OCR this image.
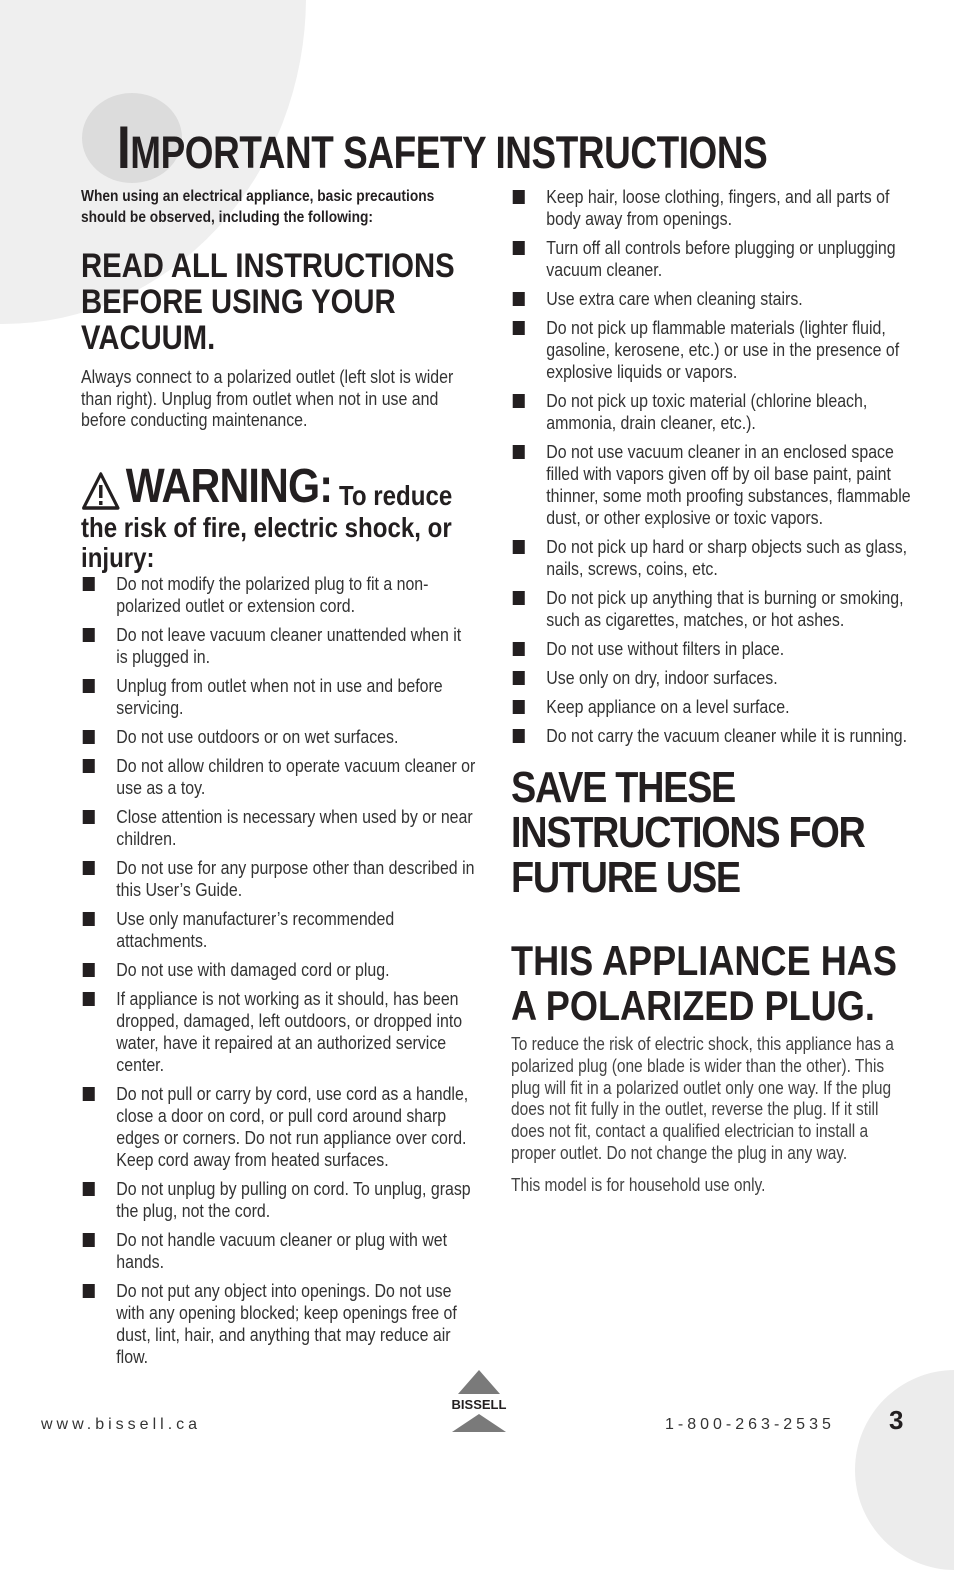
IMPORTANT SAFETY INSTRUCTIONS

When using an electrical appliance, basic precautions should be observed, including the following:

READ ALL INSTRUCTIONS BEFORE USING YOUR VACUUM.

Always connect to a polarized outlet (left slot is wider than right). Unplug from outlet when not in use and before conducting maintenance.

WARNING: To reduce

the risk of fire, electric shock, or injury:

Do not modify the polarized plug to fit a non-polarized outlet or extension cord.
Do not leave vacuum cleaner unattended when it is plugged in.
Unplug from outlet when not in use and before servicing.
Do not use outdoors or on wet surfaces.
Do not allow children to operate vacuum cleaner or use as a toy.
Close attention is necessary when used by or near children.
Do not use for any purpose other than described in this User’s Guide.
Use only manufacturer’s recommended attachments.
Do not use with damaged cord or plug.
If appliance is not working as it should, has been dropped, damaged, left outdoors, or dropped into water, have it repaired at an authorized service center.
Do not pull or carry by cord, use cord as a handle, close a door on cord, or pull cord around sharp edges or corners. Do not run appliance over cord. Keep cord away from heated surfaces.
Do not unplug by pulling on cord. To unplug, grasp the plug, not the cord.
Do not handle vacuum cleaner or plug with wet hands.
Do not put any object into openings. Do not use with any opening blocked; keep openings free of dust, lint, hair, and anything that may reduce air flow.
Keep hair, loose clothing, fingers, and all parts of body away from openings.
Turn off all controls before plugging or unplugging vacuum cleaner.
Use extra care when cleaning stairs.
Do not pick up flammable materials (lighter fluid, gasoline, kerosene, etc.) or use in the presence of explosive liquids or vapors.
Do not pick up toxic material (chlorine bleach, ammonia, drain cleaner, etc.).
Do not use vacuum cleaner in an enclosed space filled with vapors given off by oil base paint, paint thinner, some moth proofing substances, flammable dust, or other explosive or toxic vapors.
Do not pick up hard or sharp objects such as glass, nails, screws, coins, etc.
Do not pick up anything that is burning or smoking, such as cigarettes, matches, or hot ashes.
Do not use without filters in place.
Use only on dry, indoor surfaces.
Keep appliance on a level surface.
Do not carry the vacuum cleaner while it is running.
SAVE THESE INSTRUCTIONS FOR FUTURE USE
THIS APPLIANCE HAS A POLARIZED PLUG.

To reduce the risk of electric shock, this appliance has a polarized plug (one blade is wider than the other). This plug will fit in a polarized outlet only one way. If the plug does not fit fully in the outlet, reverse the plug. If it still does not fit, contact a qualified electrician to install a proper outlet. Do not change the plug in any way.

This model is for household use only.

BISSELL
www.bissell.ca	1-800-263-2535 3
